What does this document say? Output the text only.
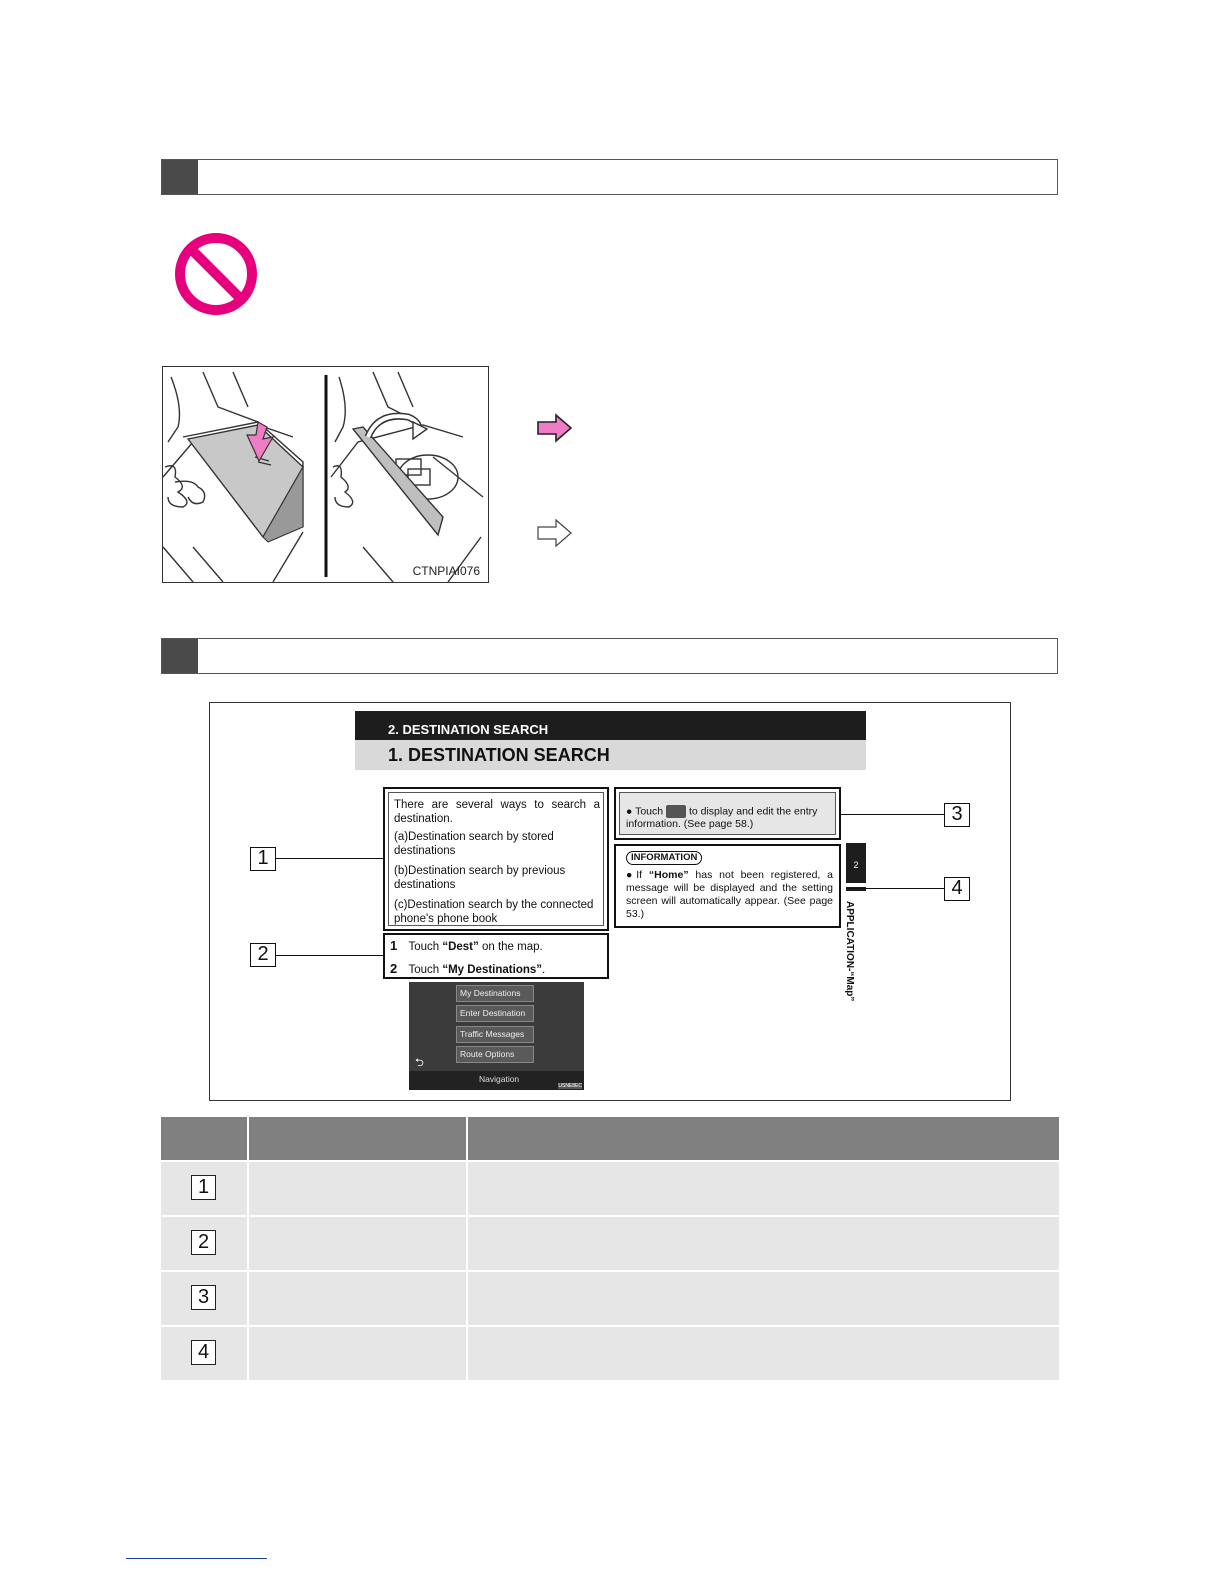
CTNPIAI076
2. DESTINATION SEARCH
1. DESTINATION SEARCH
There are several ways to search a destination.
(a)Destination search by stored destinations
(b)Destination search by previous destinations
(c)Destination search by the connected phone's phone book
1 Touch “Dest” on the map.
2 Touch “My Destinations”.
My Destinations
Enter Destination
Traffic Messages
Route Options
⮌
Navigation
USNE8EC
● Touch to display and edit the entry information. (See page 58.)
INFORMATION
●If “Home” has not been registered, a message will be displayed and the setting screen will automatically appear. (See page 53.)
2
APPLICATION-“Map”
1
2
3
4
1
2
3
4
